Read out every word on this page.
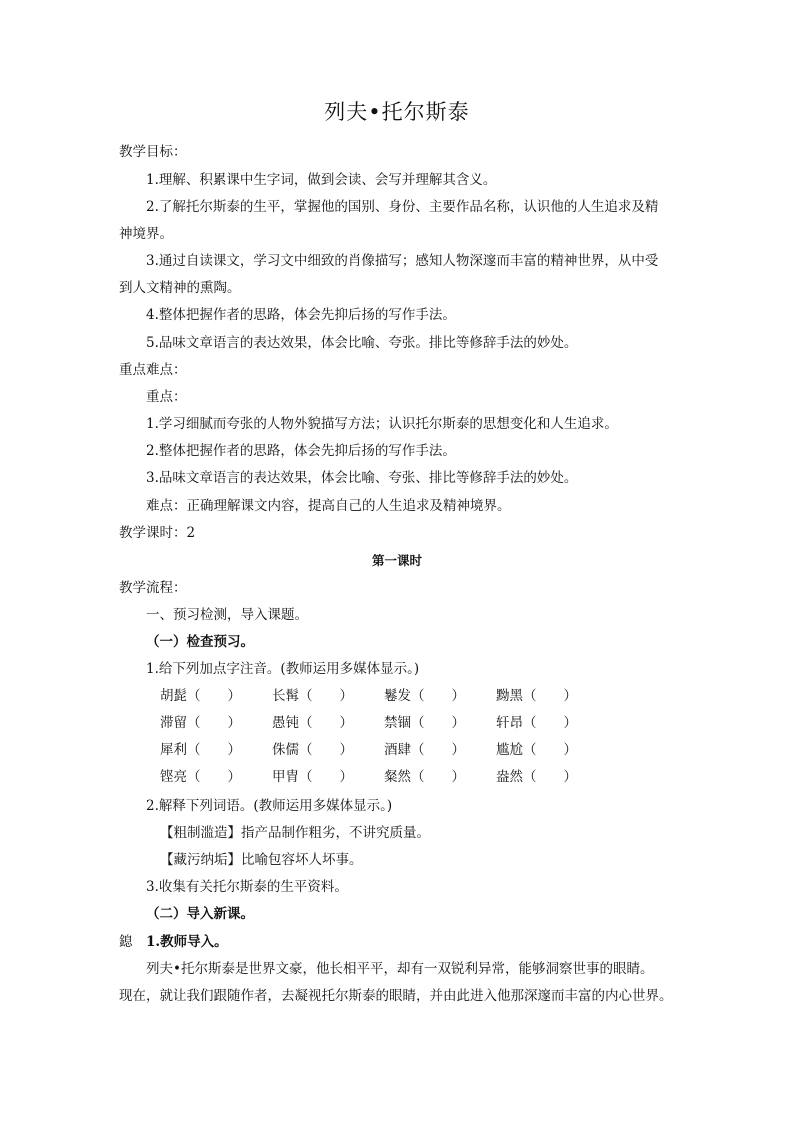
列夫•托尔斯泰
教学目标：
1.理解、积累课中生字词，做到会读、会写并理解其含义。
2.了解托尔斯泰的生平，掌握他的国别、身份、主要作品名称，认识他的人生追求及精
神境界。
3.通过自读课文，学习文中细致的肖像描写；感知人物深邃而丰富的精神世界，从中受
到人文精神的熏陶。
4.整体把握作者的思路，体会先抑后扬的写作手法。
5.品味文章语言的表达效果，体会比喻、夸张。排比等修辞手法的妙处。
重点难点：
重点：
1.学习细腻而夸张的人物外貌描写方法；认识托尔斯泰的思想变化和人生追求。
2.整体把握作者的思路，体会先抑后扬的写作手法。
3.品味文章语言的表达效果，体会比喻、夸张、排比等修辞手法的妙处。
难点：正确理解课文内容，提高自己的人生追求及精神境界。
教学课时：2
第一课时
教学流程：
一、预习检测，导入课题。
（一）检查预习。
1.给下列加点字注音。(教师运用多媒体显示。)
胡髭（　　） 长髯（　　） 鬈发（　　） 黝黑（　　）
滞留（　　） 愚钝（　　） 禁锢（　　） 轩昂（　　）
犀利（　　） 侏儒（　　） 酒肆（　　） 尴尬（　　）
铿亮（　　） 甲胄（　　） 粲然（　　） 盎然（　　）
2.解释下列词语。(教师运用多媒体显示。)
【粗制滥造】指产品制作粗劣，不讲究质量。
【藏污纳垢】比喻包容坏人坏事。
3.收集有关托尔斯泰的生平资料。
（二）导入新课。
鎴 1.教师导入。
列夫•托尔斯泰是世界文豪，他长相平平，却有一双锐利异常，能够洞察世事的眼睛。
现在，就让我们跟随作者，去凝视托尔斯泰的眼睛，并由此进入他那深邃而丰富的内心世界。
